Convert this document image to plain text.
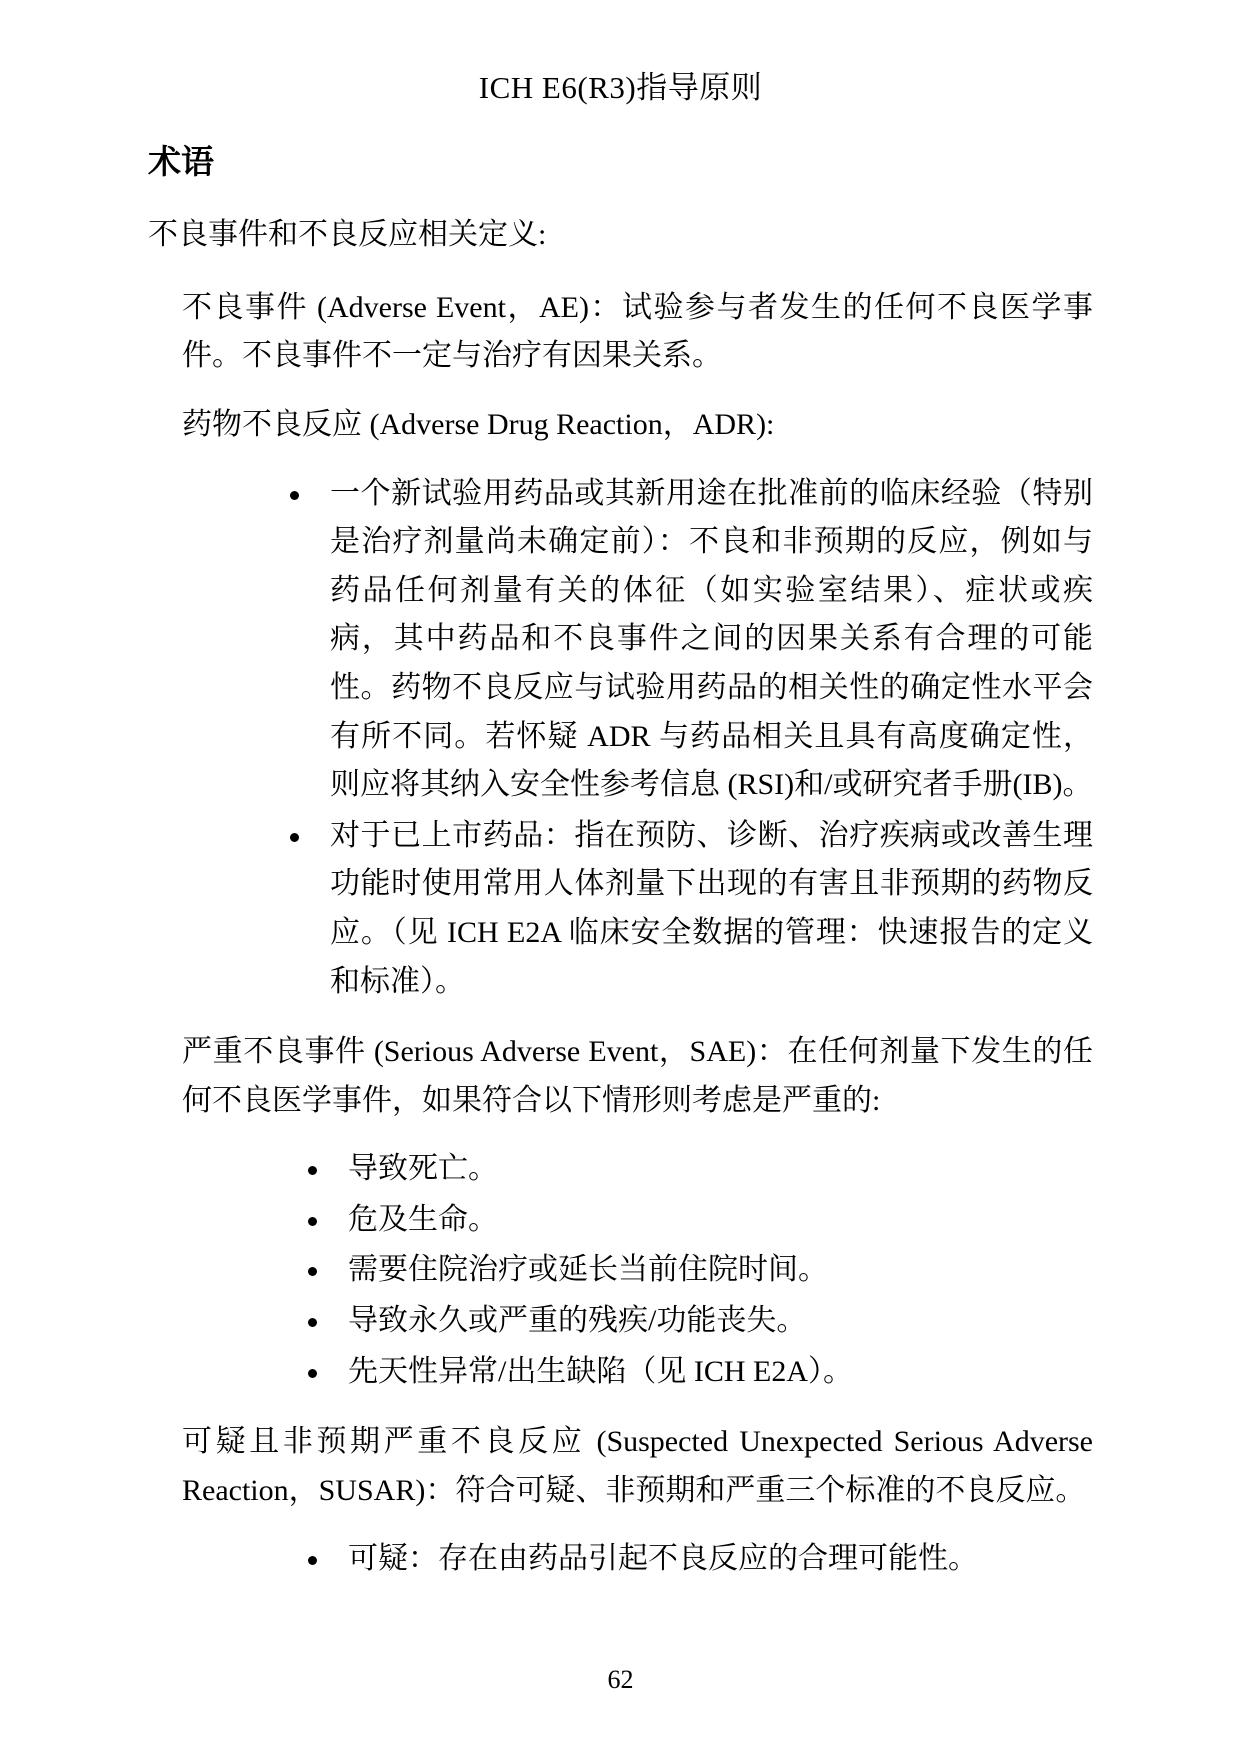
ICH E6(R3)指导原则
术语

不良事件和不良反应相关定义:

不良事件 (Adverse Event，AE)：试验参与者发生的任何不良医学事件。不良事件不一定与治疗有因果关系。

药物不良反应 (Adverse Drug Reaction，ADR):

一个新试验用药品或其新用途在批准前的临床经验（特别是治疗剂量尚未确定前）：不良和非预期的反应，例如与药品任何剂量有关的体征（如实验室结果）、症状或疾病，其中药品和不良事件之间的因果关系有合理的可能性。药物不良反应与试验用药品的相关性的确定性水平会有所不同。若怀疑 ADR 与药品相关且具有高度确定性，则应将其纳入安全性参考信息 (RSI)和/或研究者手册(IB)。
对于已上市药品：指在预防、诊断、治疗疾病或改善生理功能时使用常用人体剂量下出现的有害且非预期的药物反应。（见 ICH E2A 临床安全数据的管理：快速报告的定义和标准）。

严重不良事件 (Serious Adverse Event，SAE)：在任何剂量下发生的任何不良医学事件，如果符合以下情形则考虑是严重的:

导致死亡。
危及生命。
需要住院治疗或延长当前住院时间。
导致永久或严重的残疾/功能丧失。
先天性异常/出生缺陷（见 ICH E2A）。

可疑且非预期严重不良反应 (Suspected Unexpected Serious Adverse Reaction，SUSAR)：符合可疑、非预期和严重三个标准的不良反应。

可疑：存在由药品引起不良反应的合理可能性。
62
